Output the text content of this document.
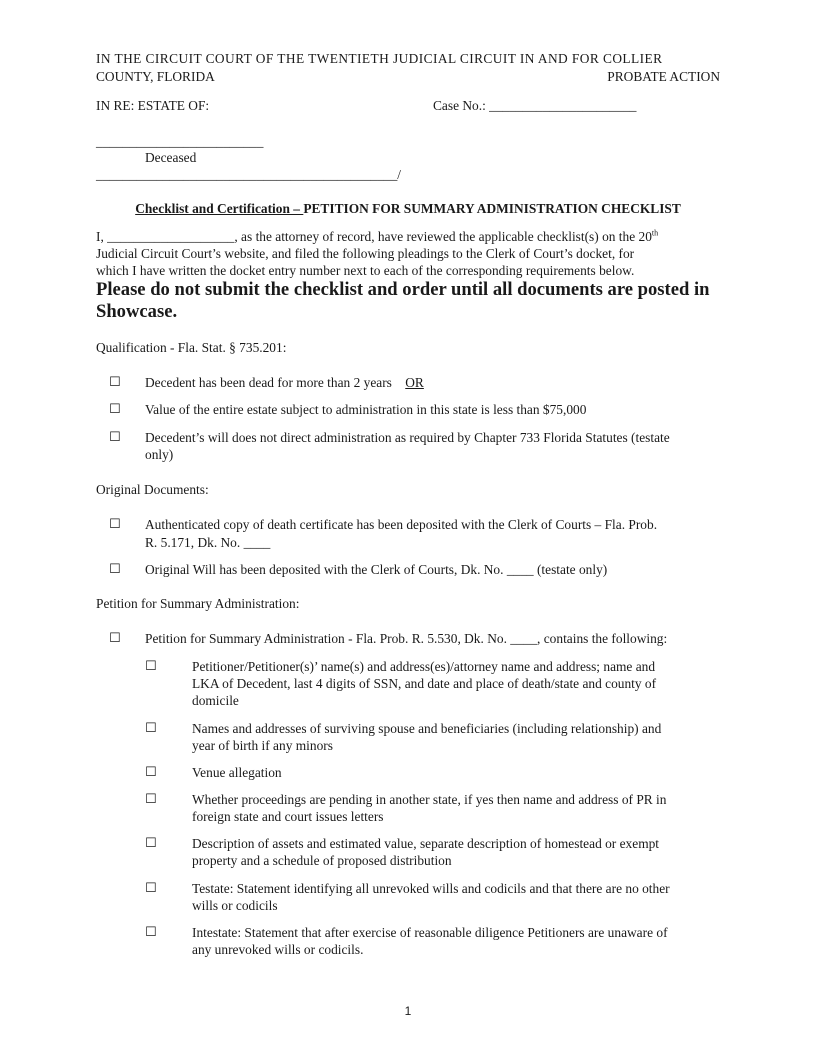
IN THE CIRCUIT COURT OF THE TWENTIETH JUDICIAL CIRCUIT IN AND FOR COLLIER
COUNTY, FLORIDA	PROBATE ACTION
IN RE: ESTATE OF:	Case No.: ______________________
_________________________
Deceased
_____________________________________________/
Checklist and Certification – PETITION FOR SUMMARY ADMINISTRATION CHECKLIST
I, ___________________, as the attorney of record, have reviewed the applicable checklist(s) on the 20th
Judicial Circuit Court’s website, and filed the following pleadings to the Clerk of Court’s docket, for
which I have written the docket entry number next to each of the corresponding requirements below.
Please do not submit the checklist and order until all documents are posted in
Showcase.
Qualification - Fla. Stat. § 735.201:
☐ Decedent has been dead for more than 2 years OR
☐ Value of the entire estate subject to administration in this state is less than $75,000
☐ Decedent’s will does not direct administration as required by Chapter 733 Florida Statutes (testate
only)
Original Documents:
☐ Authenticated copy of death certificate has been deposited with the Clerk of Courts – Fla. Prob.
R. 5.171, Dk. No. ____
☐ Original Will has been deposited with the Clerk of Courts, Dk. No. ____ (testate only)
Petition for Summary Administration:
☐ Petition for Summary Administration - Fla. Prob. R. 5.530, Dk. No. ____, contains the following:
☐	Petitioner/Petitioner(s)’ name(s) and address(es)/attorney name and address; name and
LKA of Decedent, last 4 digits of SSN, and date and place of death/state and county of
domicile
☐	Names and addresses of surviving spouse and beneficiaries (including relationship) and
year of birth if any minors
☐	Venue allegation
☐	Whether proceedings are pending in another state, if yes then name and address of PR in
foreign state and court issues letters
☐	Description of assets and estimated value, separate description of homestead or exempt
property and a schedule of proposed distribution
☐	Testate: Statement identifying all unrevoked wills and codicils and that there are no other
wills or codicils
☐	Intestate: Statement that after exercise of reasonable diligence Petitioners are unaware of
any unrevoked wills or codicils.
1
